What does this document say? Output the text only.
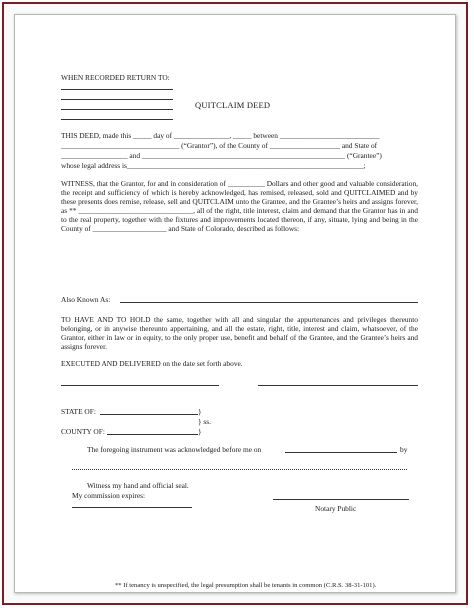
WHEN RECORDED RETURN TO:
QUITCLAIM DEED
THIS DEED, made this _____ day of _______________, _____ between ___________________________
________________________________ (“Grantor”), of the County of ___________________ and State of
__________________ and _______________________________________________________ (“Grantee”)
whose legal address is________________________________________________________________;
WITNESS, that the Grantor, for and in consideration of __________ Dollars and other good and valuable consideration, the receipt and sufficiency of which is hereby acknowledged, has remised, released, sold and QUITCLAIMED and by these presents does remise, release, sell and QUITCLAIM unto the Grantee, and the Grantee’s heirs and assigns forever, as ** _______________________________, all of the right, title interest, claim and demand that the Grantor has in and to the real property, together with the fixtures and improvements located thereon, if any, situate, lying and being in the County of ____________________ and State of Colorado, described as follows:
Also Known As:
TO HAVE AND TO HOLD the same, together with all and singular the appurtenances and privileges thereunto belonging, or in anywise thereunto appertaining, and all the estate, right, title, interest and claim, whatsoever, of the Grantor, either in law or in equity, to the only proper use, benefit and behalf of the Grantee, and the Grantee’s heirs and assigns forever.
EXECUTED AND DELIVERED on the date set forth above.
STATE OF:	}
} ss.
COUNTY OF:	}
The foregoing instrument was acknowledged before me on	by
Witness my hand and official seal.
My commission expires:
Notary Public
** If tenancy is unspecified, the legal presumption shall be tenants in common (C.R.S. 38-31-101).
